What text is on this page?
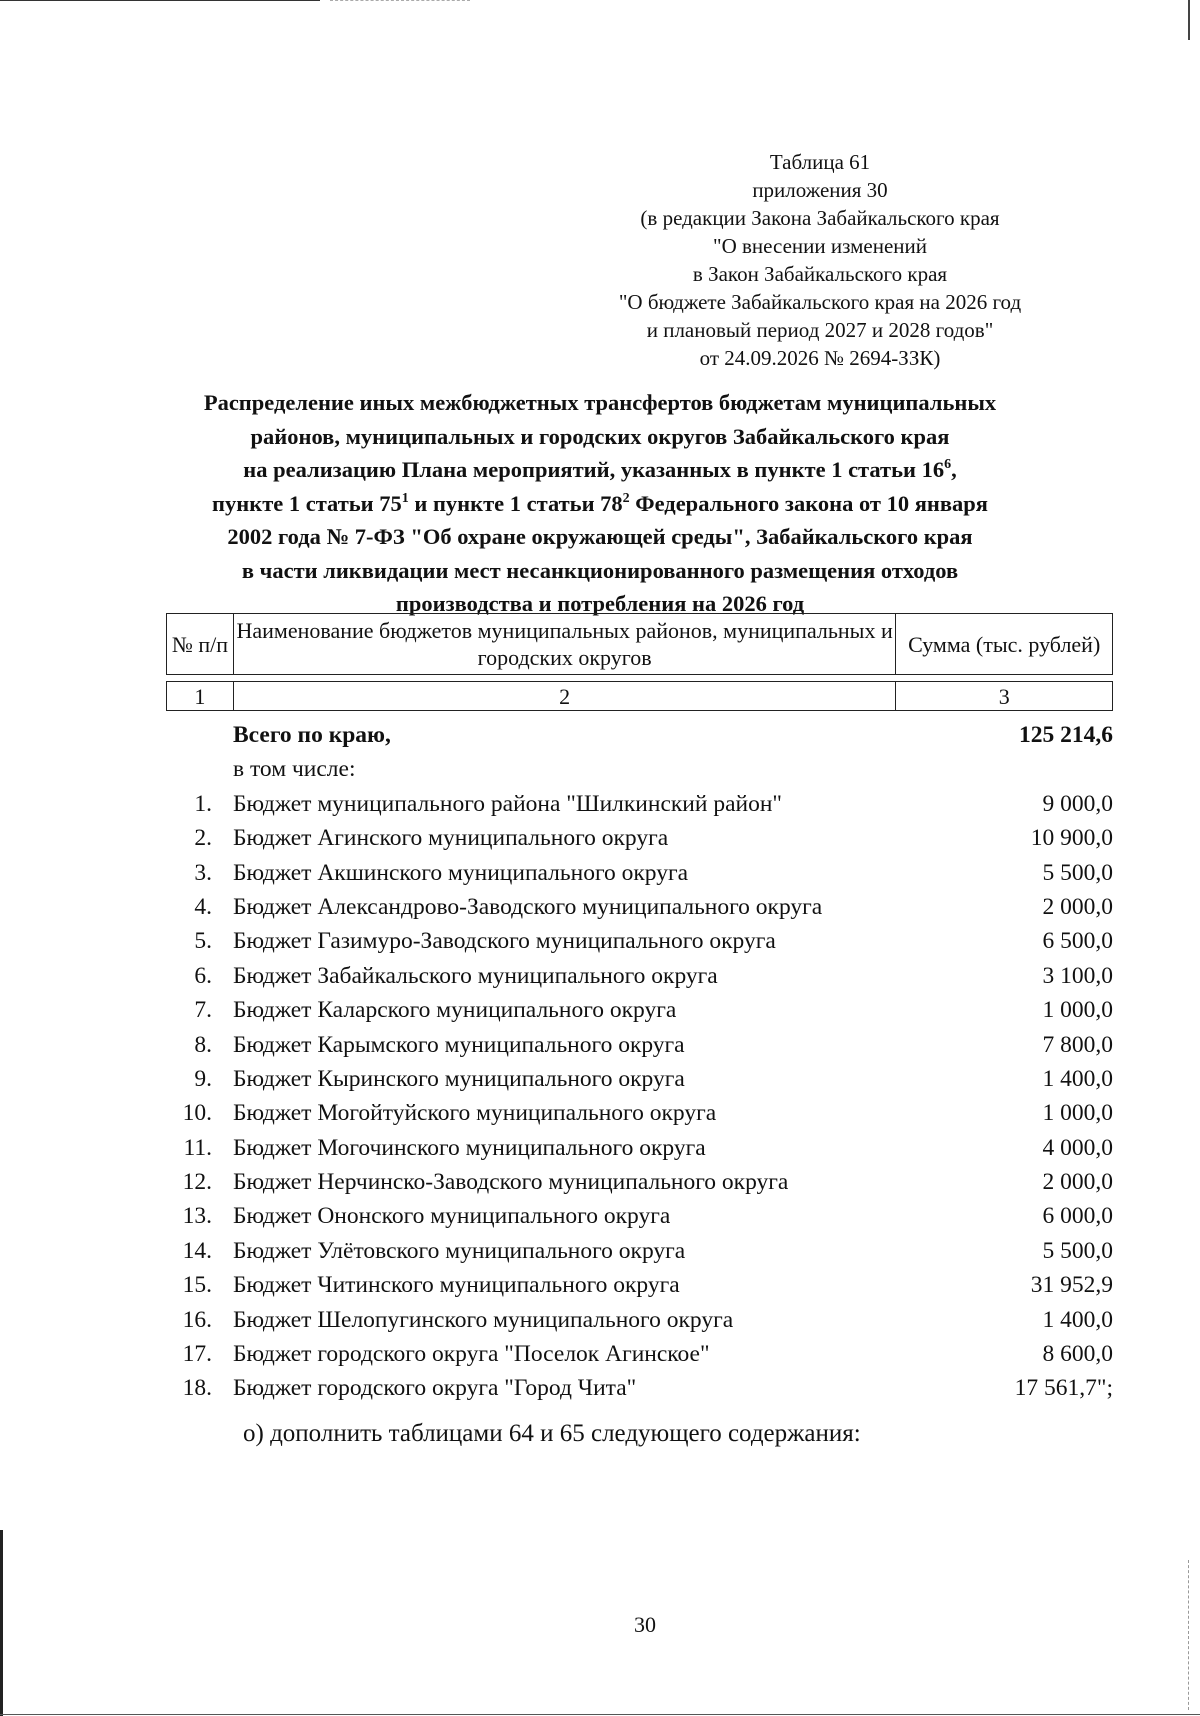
Таблица 61
приложения 30
(в редакции Закона Забайкальского края
"О внесении изменений
в Закон Забайкальского края
"О бюджете Забайкальского края на 2026 год
и плановый период 2027 и 2028 годов"
от 24.09.2026 № 2694-ЗЗК)
Распределение иных межбюджетных трансфертов бюджетам муниципальных
районов, муниципальных и городских округов Забайкальского края
на реализацию Плана мероприятий, указанных в пункте 1 статьи $16^6$,
пункте 1 статьи $75^1$ и пункте 1 статьи $78^2$ Федерального закона от 10 января
2002 года № 7-ФЗ "Об охране окружающей среды", Забайкальского края
в части ликвидации мест несанкционированного размещения отходов
производства и потребления на 2026 год
№ п/п	Наименование бюджетов муниципальных районов, муниципальных и городских округов	Сумма (тыс. рублей)

1	2	3
Всего по краю,	125 214,6
в том числе:
1. Бюджет муниципального района "Шилкинский район"	9 000,0
2. Бюджет Агинского муниципального округа	10 900,0
3. Бюджет Акшинского муниципального округа	5 500,0
4. Бюджет Александрово-Заводского муниципального округа	2 000,0
5. Бюджет Газимуро-Заводского муниципального округа	6 500,0
6. Бюджет Забайкальского муниципального округа	3 100,0
7. Бюджет Каларского муниципального округа	1 000,0
8. Бюджет Карымского муниципального округа	7 800,0
9. Бюджет Кыринского муниципального округа	1 400,0
10. Бюджет Могойтуйского муниципального округа	1 000,0
11. Бюджет Могочинского муниципального округа	4 000,0
12. Бюджет Нерчинско-Заводского муниципального округа	2 000,0
13. Бюджет Ононского муниципального округа	6 000,0
14. Бюджет Улётовского муниципального округа	5 500,0
15. Бюджет Читинского муниципального округа	31 952,9
16. Бюджет Шелопугинского муниципального округа	1 400,0
17. Бюджет городского округа "Поселок Агинское"	8 600,0
18. Бюджет городского округа "Город Чита"	17 561,7";
о) дополнить таблицами 64 и 65 следующего содержания:
30
